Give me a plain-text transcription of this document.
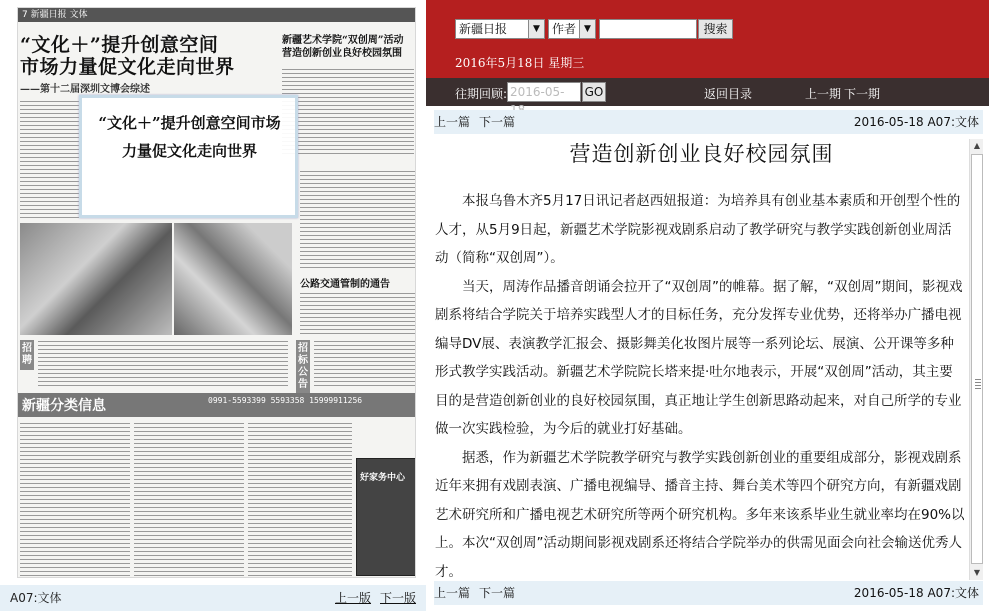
7 新疆日报 文体
“文化＋”提升创意空间
市场力量促文化走向世界
——第十二届深圳文博会综述
新疆艺术学院“双创周”活动 营造创新创业良好校园氛围
公路交通管制的通告
招聘
招标公告
新疆分类信息	0991-5593399 5593358 15999911256
好家务中心
“文化＋”提升创意空间市场
力量促文化走向世界
A07:文体	上一版 下一版
新疆日报	▼	作者 ▼	搜索
2016年5月18日 星期三
往期回顾: 2016-05-	GO	返回目录	上一期 下一期
上一篇 下一篇	2016-05-18 A07:文体
营造创新创业良好校园氛围

本报乌鲁木齐5月17日讯记者赵西妞报道：为培养具有创业基本素质和开创型个性的人才，从5月9日起，新疆艺术学院影视戏剧系启动了教学研究与教学实践创新创业周活动（简称“双创周”）。

当天，周涛作品播音朗诵会拉开了“双创周”的帷幕。据了解，“双创周”期间，影视戏剧系将结合学院关于培养实践型人才的目标任务，充分发挥专业优势，还将举办广播电视编导DV展、表演教学汇报会、摄影舞美化妆图片展等一系列论坛、展演、公开课等多种形式教学实践活动。新疆艺术学院院长塔来提·吐尔地表示，开展“双创周”活动，其主要目的是营造创新创业的良好校园氛围，真正地让学生创新思路动起来，对自己所学的专业做一次实践检验，为今后的就业打好基础。

据悉，作为新疆艺术学院教学研究与教学实践创新创业的重要组成部分，影视戏剧系近年来拥有戏剧表演、广播电视编导、播音主持、舞台美术等四个研究方向，有新疆戏剧艺术研究所和广播电视艺术研究所等两个研究机构。多年来该系毕业生就业率均在90%以上。本次“双创周”活动期间影视戏剧系还将结合学院举办的供需见面会向社会输送优秀人才。

▲
▼
上一篇 下一篇	2016-05-18 A07:文体
